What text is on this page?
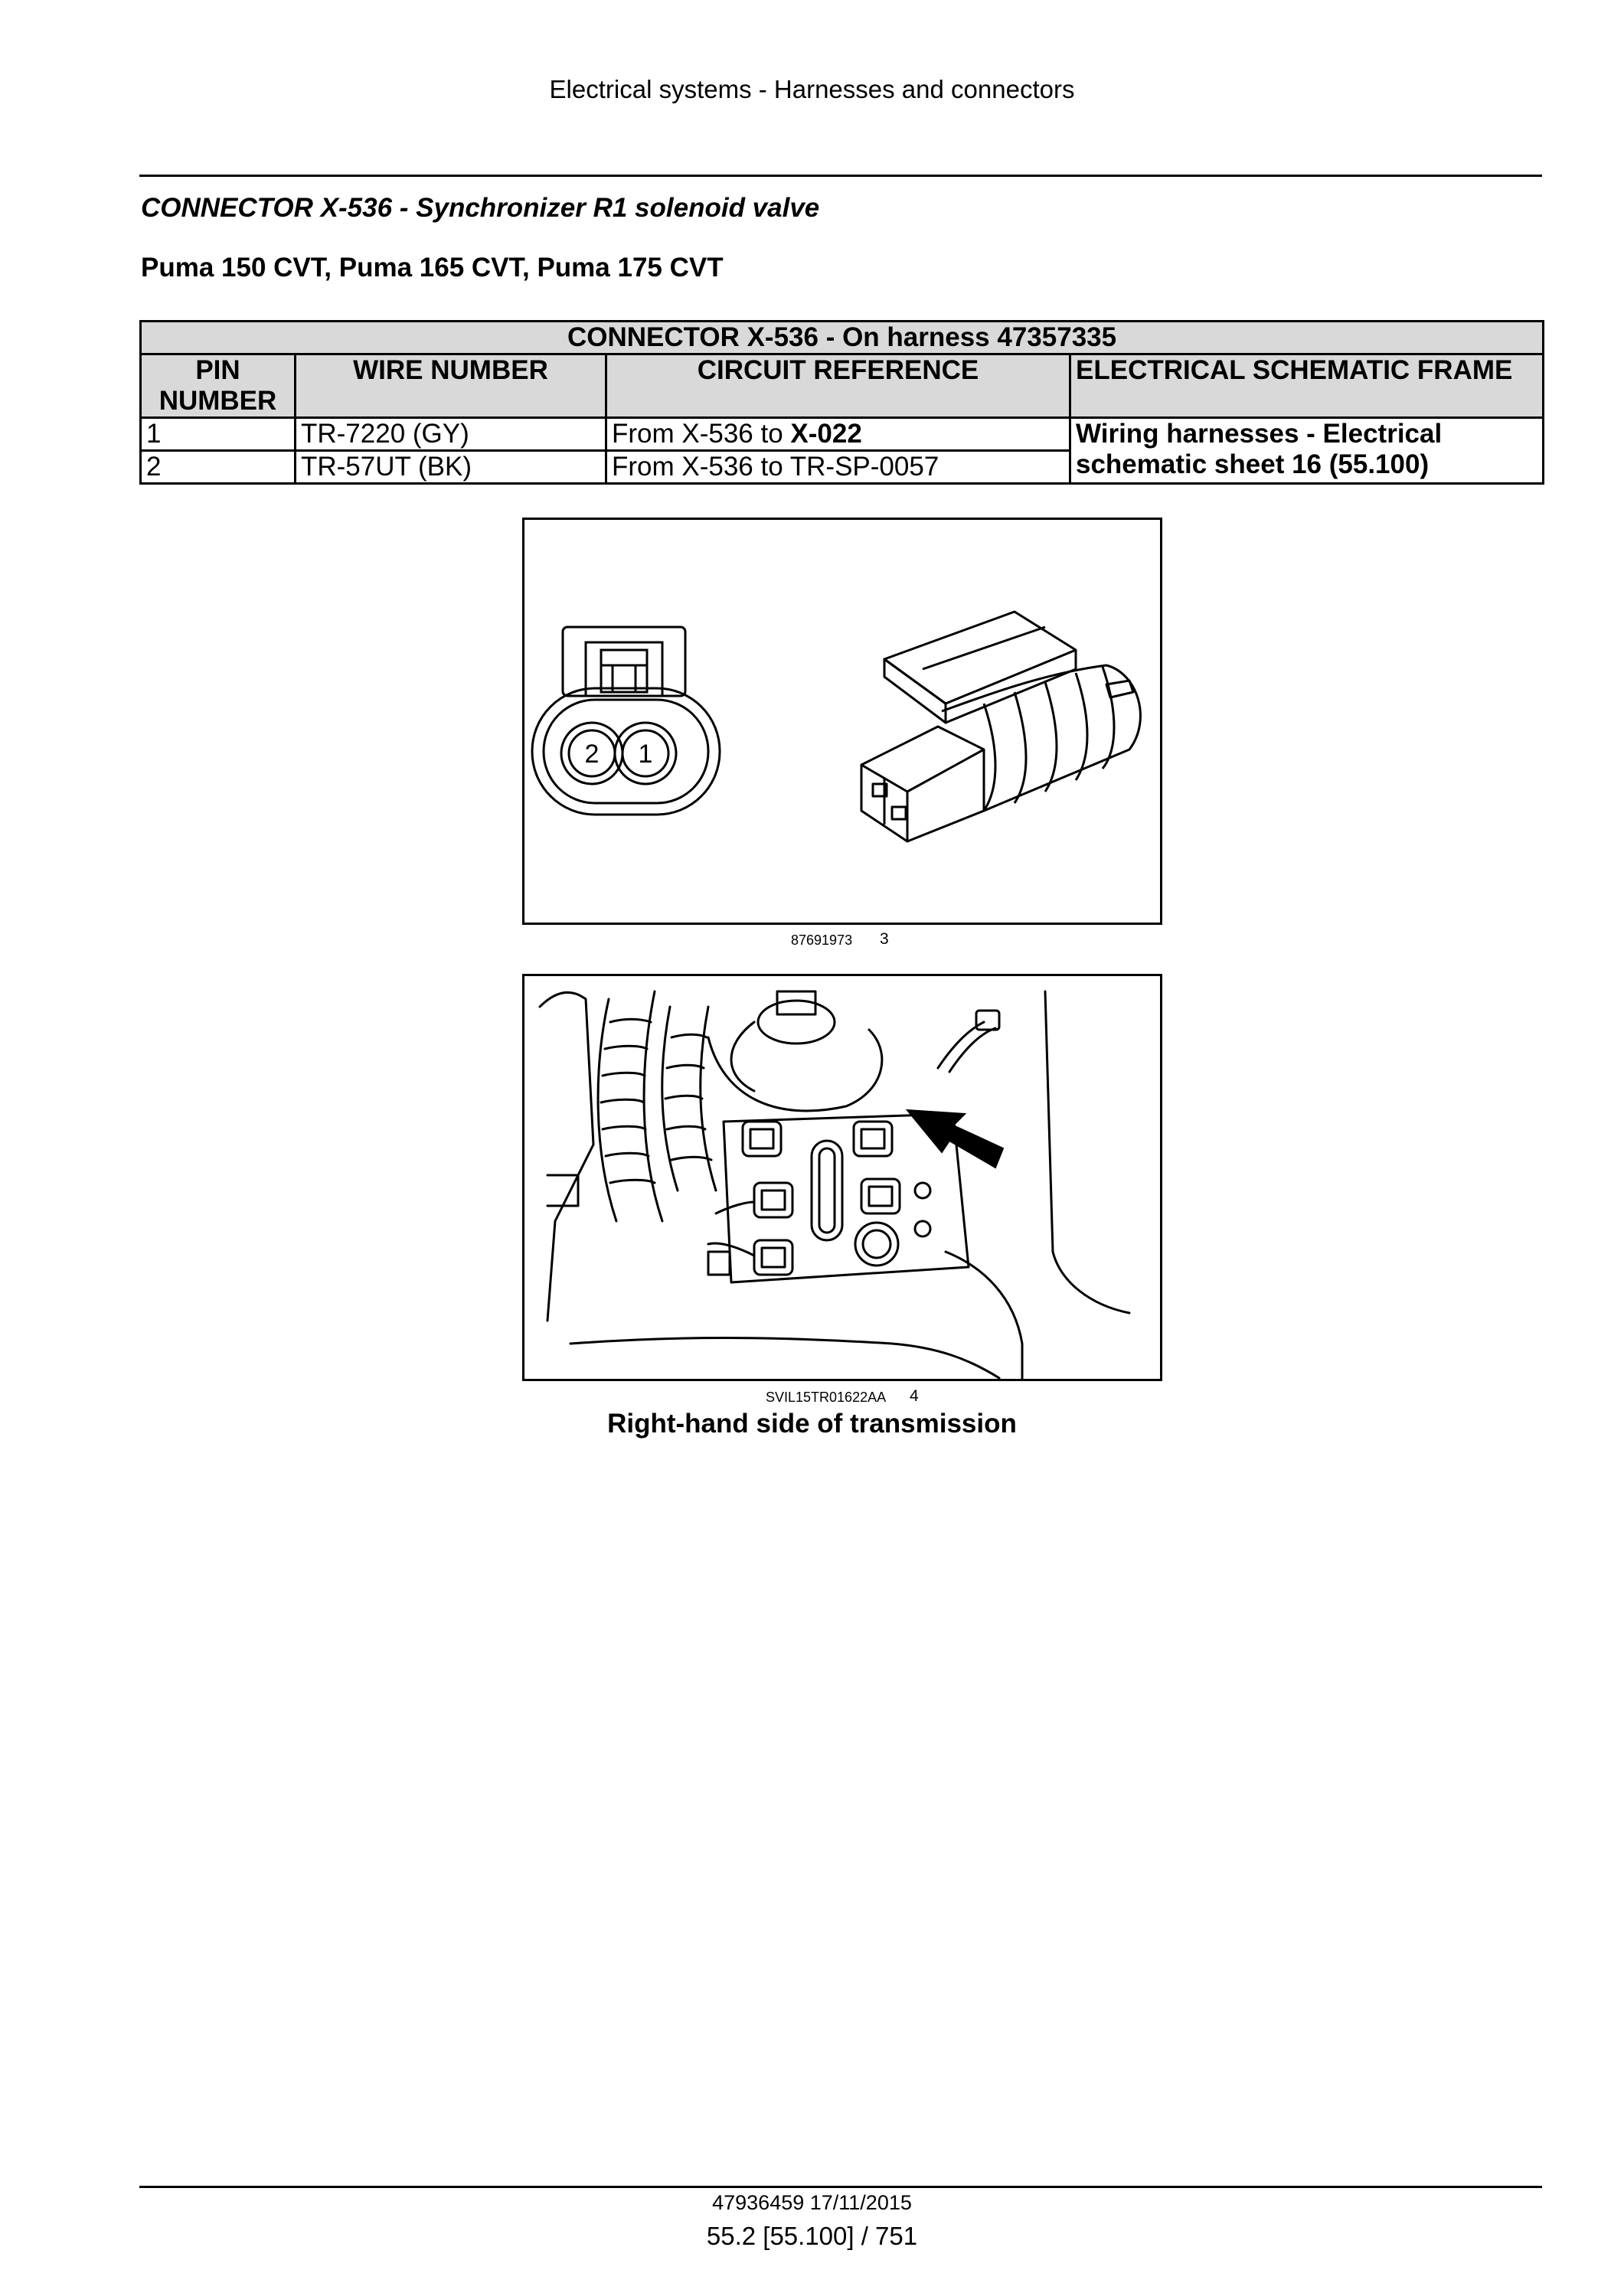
Electrical systems - Harnesses and connectors
CONNECTOR X-536 - Synchronizer R1 solenoid valve
Puma 150 CVT, Puma 165 CVT, Puma 175 CVT
CONNECTOR X-536 - On harness 47357335			
PIN NUMBER	WIRE NUMBER	CIRCUIT REFERENCE	ELECTRICAL SCHEMATIC FRAME
1	TR-7220 (GY)	From X-536 to X-022	Wiring harnesses - Electrical schematic sheet 16 (55.100)
2	TR-57UT (BK)	From X-536 to TR-SP-0057	
2 1
87691973 3
SVIL15TR01622AA 4
Right-hand side of transmission
47936459 17/11/2015
55.2 [55.100] / 751
